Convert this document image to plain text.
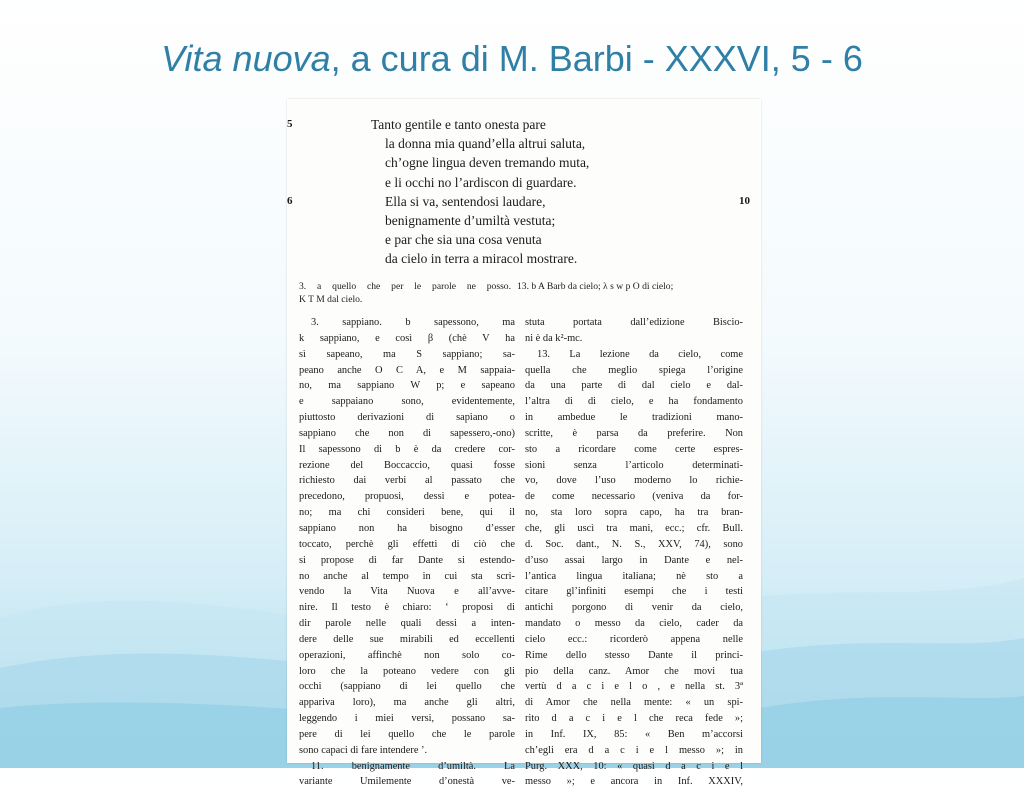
Vita nuova, a cura di M. Barbi - XXXVI, 5 - 6
5	Tanto gentile e tanto onesta pare
la donna mia quand’ella altrui saluta,
ch’ogne lingua deven tremando muta,
e li occhi no l’ardiscon di guardare.
6	Ella si va, sentendosi laudare,	10
benignamente d’umiltà vestuta;
e par che sia una cosa venuta
da cielo in terra a miracol mostrare.
3. a quello che per le parole ne posso.
K T M dal cielo.
13. b A Barb da cielo; λ s w p O di cielo;
3. sappiano. b sapessono, ma
k sappiano, e così β (chè V ha
sì sapeano, ma S sappiano; sa-
peano anche O C A, e M sappaia-
no, ma sappiano W p; e sapeano
e sappaiano sono, evidentemente,
piuttosto derivazioni di sapiano o
sappiano che non di sapessero,-ono)
Il sapessono di b è da credere cor-
rezione del Boccaccio, quasi fosse
richiesto dai verbi al passato che
precedono, propuosi, dessi e potea-
no; ma chi consideri bene, qui il
sappiano non ha bisogno d’esser
toccato, perchè gli effetti di ciò che
si propose di far Dante si estendo-
no anche al tempo in cui sta scri-
vendo la Vita Nuova e all’avve-
nire. Il testo è chiaro: ‘ proposi di
dir parole nelle quali dessi a inten-
dere delle sue mirabili ed eccellenti
operazioni, affinchè non solo co-
loro che la poteano vedere con gli
occhi (sappiano di lei quello che
appariva loro), ma anche gli altri,
leggendo i miei versi, possano sa-
pere di lei quello che le parole
sono capaci di fare intendere ’.
11. benignamente d’umiltà. La
variante Umilemente d’onestà ve-
stuta portata dall’edizione Biscio-
ni è da k²-mc.
13. La lezione da cielo, come
quella che meglio spiega l’origine
da una parte di dal cielo e dal-
l’altra di di cielo, e ha fondamento
in ambedue le tradizioni mano-
scritte, è parsa da preferire. Non
sto a ricordare come certe espres-
sioni senza l’articolo determinati-
vo, dove l’uso moderno lo richie-
de come necessario (veniva da for-
no, sta loro sopra capo, ha tra bran-
che, gli uscì tra mani, ecc.; cfr. Bull.
d. Soc. dant., N. S., XXV, 74), sono
d’uso assai largo in Dante e nel-
l’antica lingua italiana; nè sto a
citare gl’infiniti esempi che i testi
antichi porgono di venir da cielo,
mandato o messo da cielo, cader da
cielo ecc.: ricorderò appena nelle
Rime dello stesso Dante il princi-
pio della canz. Amor che movi tua
vertù d a c i e l o , e nella st. 3ª
di Amor che nella mente: « un spi-
rito d a c i e l che reca fede »;
in Inf. IX, 85: « Ben m’accorsi
ch’egli era d a c i e l messo »; in
Purg. XXX, 10: « quasi d a c i e l
messo »; e ancora in Inf. XXXIV,
